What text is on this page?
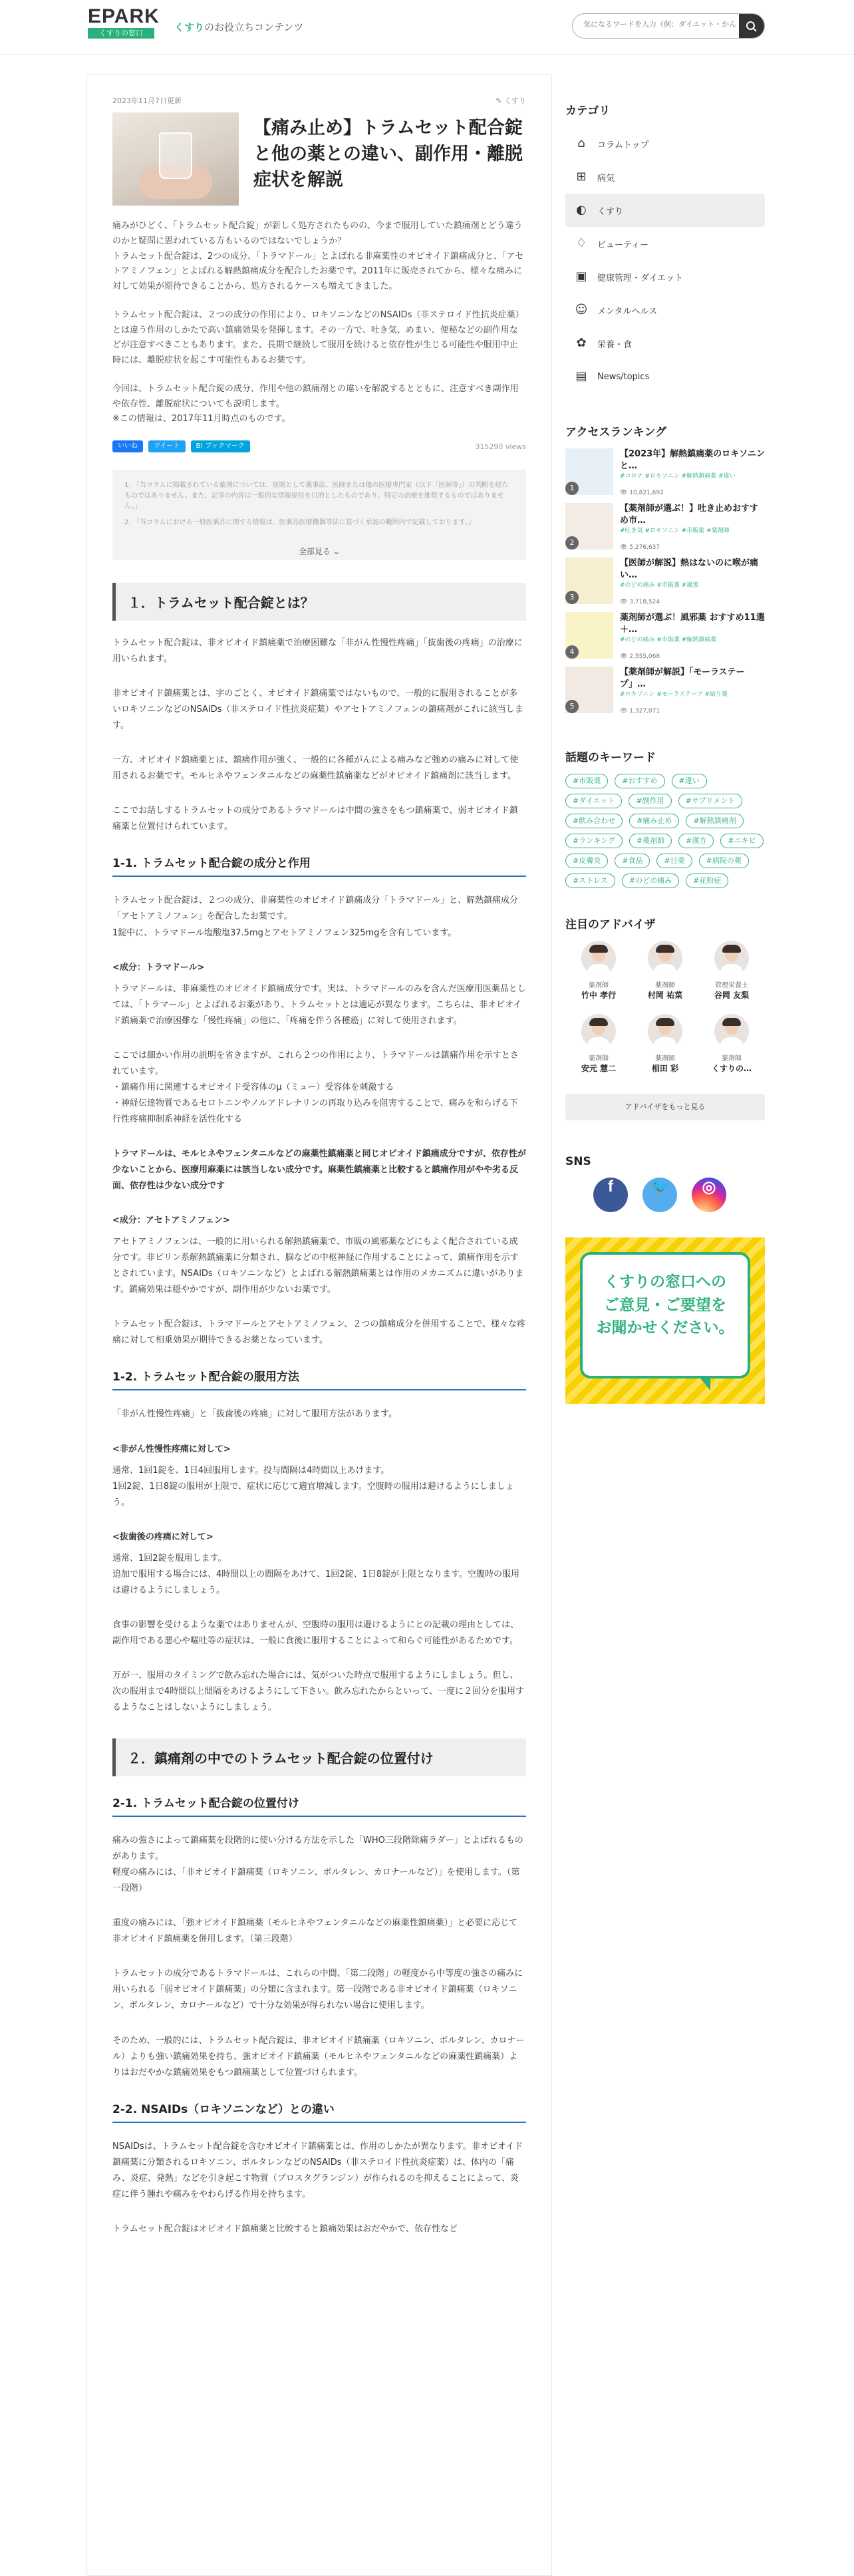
EPARK
くすりの窓口	くすりのお役立ちコンテンツ
気になるワードを入力（例：ダイエット・かんぽ）
2023年11月7日更新	✎ くすり
【痛み止め】トラムセット配合錠と他の薬との違い、副作用・離脱症状を解説

痛みがひどく、「トラムセット配合錠」が新しく処方されたものの、今まで服用していた鎮痛剤とどう違うのかと疑問に思われている方もいるのではないでしょうか？
トラムセット配合錠は、2つの成分、「トラマドール」とよばれる非麻薬性のオピオイド鎮痛成分と、「アセトアミノフェン」とよばれる解熱鎮痛成分を配合したお薬です。2011年に販売されてから、様々な痛みに対して効果が期待できることから、処方されるケースも増えてきました。

トラムセット配合錠は、２つの成分の作用により、ロキソニンなどのNSAIDs（非ステロイド性抗炎症薬）とは違う作用のしかたで高い鎮痛効果を発揮します。その一方で、吐き気、めまい、便秘などの副作用などが注意すべきこともあります。また、長期で継続して服用を続けると依存性が生じる可能性や服用中止時には、離脱症状を起こす可能性もあるお薬です。

今回は、トラムセット配合錠の成分、作用や他の鎮痛剤との違いを解説するとともに、注意すべき副作用や依存性、離脱症状についても説明します。
※この情報は、2017年11月時点のものです。

いいね	ツイート	B! ブックマーク	315290 views

1. 「当コラムに掲載されている薬剤については、原則として薬事法、医師または他の医療専門家（以下「医師等」）の判断を経たものではありません。また、記事の内容は一般的な情報提供を目的としたものであり、特定の治療を推奨するものではありません。」

2. 「当コラムにおける一般医薬品に関する情報は、医薬品医療機器等法に基づく承認の範囲内で記載しております。」

全部見る ⌄
１．トラムセット配合錠とは？

トラムセット配合錠は、非オピオイド鎮痛薬で治療困難な「非がん性慢性疼痛」「抜歯後の疼痛」の治療に用いられます。

非オピオイド鎮痛薬とは、字のごとく、オピオイド鎮痛薬ではないもので、一般的に服用されることが多いロキソニンなどのNSAIDs（非ステロイド性抗炎症薬）やアセトアミノフェンの鎮痛剤がこれに該当します。

一方、オピオイド鎮痛薬とは、鎮痛作用が強く、一般的に各種がんによる痛みなど強めの痛みに対して使用されるお薬です。モルヒネやフェンタニルなどの麻薬性鎮痛薬などがオピオイド鎮痛剤に該当します。

ここでお話しするトラムセットの成分であるトラマドールは中間の強さをもつ鎮痛薬で、弱オピオイド鎮痛薬と位置付けられています。

1-1. トラムセット配合錠の成分と作用

トラムセット配合錠は、２つの成分、非麻薬性のオピオイド鎮痛成分「トラマドール」と、解熱鎮痛成分「アセトアミノフェン」を配合したお薬です。
1錠中に、トラマドール塩酸塩37.5mgとアセトアミノフェン325mgを含有しています。

<成分：トラマドール>

トラマドールは、非麻薬性のオピオイド鎮痛成分です。実は、トラマドールのみを含んだ医療用医薬品としては、「トラマール」とよばれるお薬があり、トラムセットとは適応が異なります。こちらは、非オピオイド鎮痛薬で治療困難な「慢性疼痛」の他に、「疼痛を伴う各種癌」に対して使用されます。

ここでは細かい作用の説明を省きますが、これら２つの作用により、トラマドールは鎮痛作用を示すとされています。
・鎮痛作用に関連するオピオイド受容体のμ（ミュー）受容体を刺激する
・神経伝達物質であるセロトニンやノルアドレナリンの再取り込みを阻害することで、痛みを和らげる下行性疼痛抑制系神経を活性化する

トラマドールは、モルヒネやフェンタニルなどの麻薬性鎮痛薬と同じオピオイド鎮痛成分ですが、依存性が少ないことから、医療用麻薬には該当しない成分です。麻薬性鎮痛薬と比較すると鎮痛作用がやや劣る反面、依存性は少ない成分です

<成分：アセトアミノフェン>

アセトアミノフェンは、一般的に用いられる解熱鎮痛薬で、市販の風邪薬などにもよく配合されている成分です。非ピリン系解熱鎮痛薬に分類され、脳などの中枢神経に作用することによって、鎮痛作用を示すとされています。NSAIDs（ロキソニンなど）とよばれる解熱鎮痛薬とは作用のメカニズムに違いがあります。鎮痛効果は穏やかですが、副作用が少ないお薬です。

トラムセット配合錠は、トラマドールとアセトアミノフェン、２つの鎮痛成分を併用することで、様々な疼痛に対して相乗効果が期待できるお薬となっています。

1-2. トラムセット配合錠の服用方法

「非がん性慢性疼痛」と「抜歯後の疼痛」に対して服用方法があります。

<非がん性慢性疼痛に対して>

通常、1回1錠を、1日4回服用します。投与間隔は4時間以上あけます。
1回2錠、1日8錠の服用が上限で、症状に応じて適宜増減します。空腹時の服用は避けるようにしましょう。

<抜歯後の疼痛に対して>

通常、1回2錠を服用します。
追加で服用する場合には、4時間以上の間隔をあけて、1回2錠、1日8錠が上限となります。空腹時の服用は避けるようにしましょう。

食事の影響を受けるような薬ではありませんが、空腹時の服用は避けるようにとの記載の理由としては、副作用である悪心や嘔吐等の症状は、一般に食後に服用することによって和らぐ可能性があるためです。

万が一、服用のタイミングで飲み忘れた場合には、気がついた時点で服用するようにしましょう。但し、次の服用まで4時間以上間隔をあけるようにして下さい。飲み忘れたからといって、一度に２回分を服用するようなことはしないようにしましょう。

２．鎮痛剤の中でのトラムセット配合錠の位置付け
2-1. トラムセット配合錠の位置付け

痛みの強さによって鎮痛薬を段階的に使い分ける方法を示した「WHO三段階除痛ラダー」とよばれるものがあります。
軽度の痛みには、「非オピオイド鎮痛薬（ロキソニン、ボルタレン、カロナールなど）」を使用します。（第一段階）

重度の痛みには、「強オピオイド鎮痛薬（モルヒネやフェンタニルなどの麻薬性鎮痛薬）」と必要に応じて非オピオイド鎮痛薬を併用します。（第三段階）

トラムセットの成分であるトラマドールは、これらの中間、「第二段階」の軽度から中等度の強さの痛みに用いられる「弱オピオイド鎮痛薬」の分類に含まれます。第一段階である非オピオイド鎮痛薬（ロキソニン、ボルタレン、カロナールなど）で十分な効果が得られない場合に使用します。

そのため、一般的には、トラムセット配合錠は、非オピオイド鎮痛薬（ロキソニン、ボルタレン、カロナール）よりも強い鎮痛効果を持ち、強オピオイド鎮痛薬（モルヒネやフェンタニルなどの麻薬性鎮痛薬）よりはおだやかな鎮痛効果をもつ鎮痛薬として位置づけられます。

2-2. NSAIDs（ロキソニンなど）との違い

NSAIDsは、トラムセット配合錠を含むオピオイド鎮痛薬とは、作用のしかたが異なります。非オピオイド鎮痛薬に分類されるロキソニン、ボルタレンなどのNSAIDs（非ステロイド性抗炎症薬）は、体内の「痛み、炎症、発熱」などを引き起こす物質（プロスタグランジン）が作られるのを抑えることによって、炎症に伴う腫れや痛みをやわらげる作用を持ちます。

トラムセット配合錠はオピオイド鎮痛薬と比較すると鎮痛効果はおだやかで、依存性など

カテゴリ
⌂	コラムトップ
⊞ 病気
◐ くすり
♢ ビューティー
▣ 健康管理・ダイエット
☺ メンタルヘルス
✿ 栄養・食
▤ News/topics
アクセスランキング
1
【2023年】解熱鎮痛薬のロキソニンと…
#コロナ #ロキソニン #解熱鎮痛薬 #違い
👁 10,821,692
2
【薬剤師が選ぶ！】吐き止めおすすめ市…
#吐き気 #ロキソニン #市販薬 #薬剤師
👁 5,276,637
3
【医師が解説】熱はないのに喉が痛い…
#のどの痛み #市販薬 #風邪
👁 3,718,524
4
薬剤師が選ぶ！風邪薬 おすすめ11選＋…
#のどの痛み #市販薬 #解熱鎮痛薬
👁 2,555,068
5
【薬剤師が解説】「モーラステープ」…
#ロキソニン #モーラステープ #貼り薬
👁 1,327,071
話題のキーワード
#市販薬	#おすすめ	#違い
#ダイエット	#副作用	#サプリメント
#飲み合わせ	#痛み止め	#解熱鎮痛剤
#ランキング	#薬剤師	#漢方	#ニキビ
#皮膚炎	#食品	#目薬	#病院の薬
#ストレス	#のどの痛み	#花粉症
注目のアドバイザ
薬剤師
竹中 孝行
薬剤師
村岡 祐菜
管理栄養士
谷岡 友梨
薬剤師
安元 慧二
薬剤師
相田 彩
薬剤師
くすりの…
アドバイザをもっと見る
SNS
f	🐦	◎
くすりの窓口への
ご意見・ご要望を
お聞かせください。
